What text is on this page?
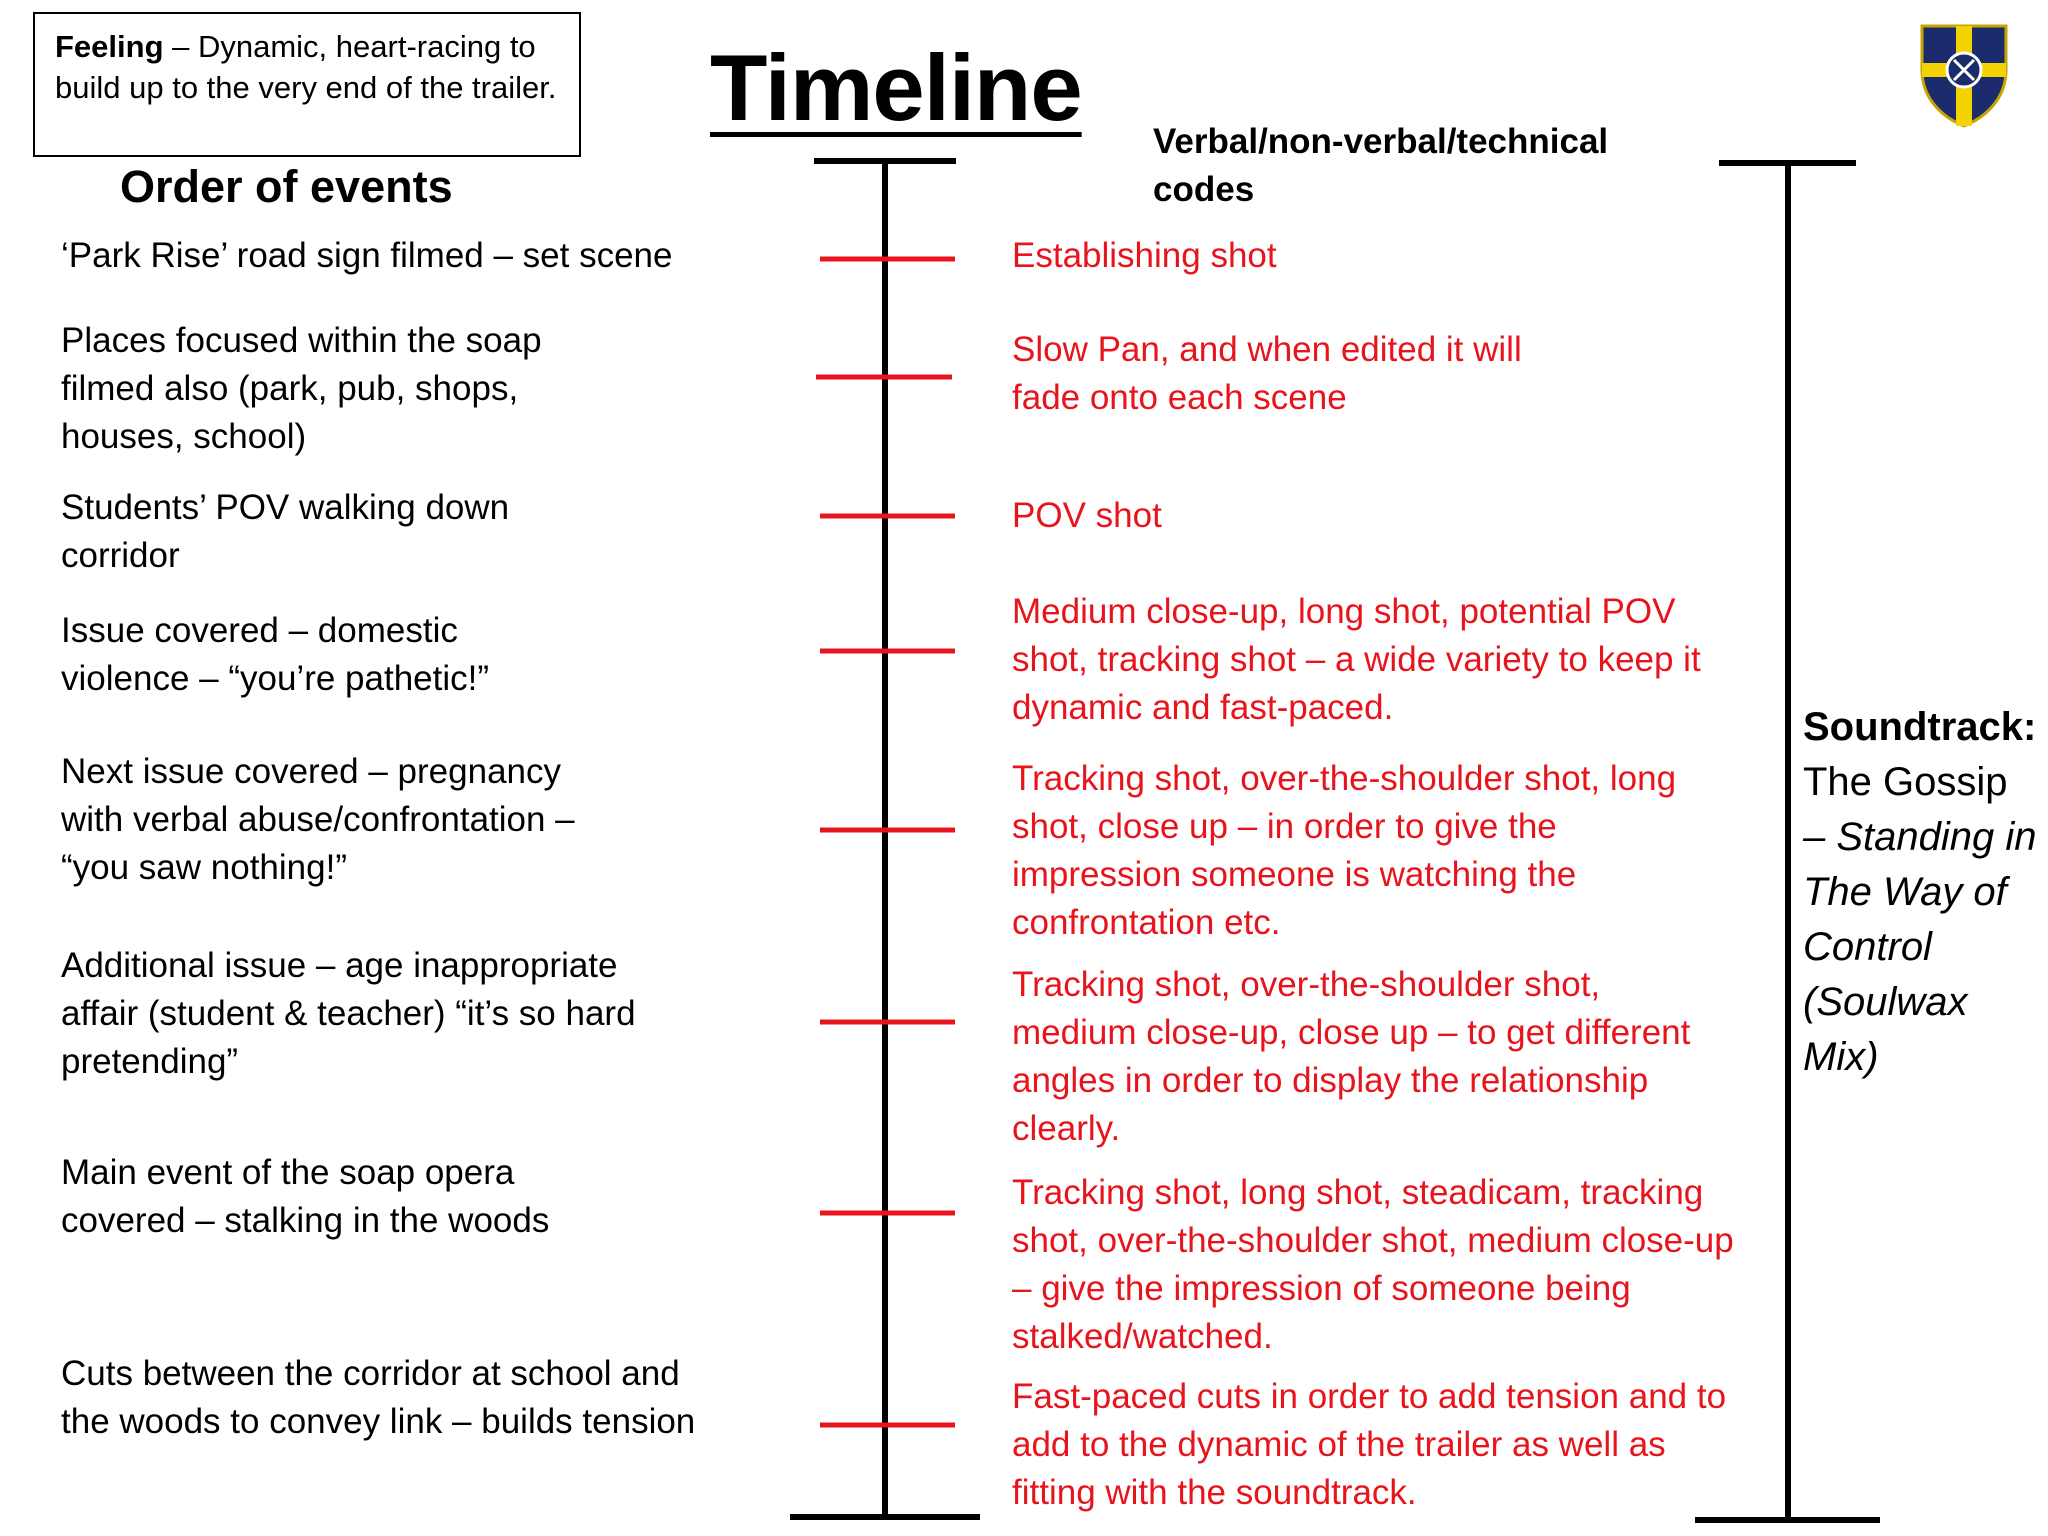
Feeling – Dynamic, heart-racing to build up to the very end of the trailer. Timeline
Order of events
Verbal/non-verbal/technical codes
‘Park Rise’ road sign filmed – set scene
Places focused within the soap filmed also (park, pub, shops, houses, school)
Students’ POV walking down corridor
Issue covered – domestic violence – “you’re pathetic!”
Next issue covered – pregnancy with verbal abuse/confrontation – “you saw nothing!”
Additional issue – age inappropriate affair (student & teacher) “it’s so hard pretending”
Main event of the soap opera covered – stalking in the woods
Cuts between the corridor at school and the woods to convey link – builds tension
Establishing shot
Slow Pan, and when edited it will fade onto each scene
POV shot
Medium close-up, long shot, potential POV shot, tracking shot – a wide variety to keep it dynamic and fast-paced.
Tracking shot, over-the-shoulder shot, long shot, close up – in order to give the impression someone is watching the confrontation etc.
Tracking shot, over-the-shoulder shot, medium close-up, close up – to get different angles in order to display the relationship clearly.
Tracking shot, long shot, steadicam, tracking shot, over-the-shoulder shot, medium close-up – give the impression of someone being stalked/watched.
Fast-paced cuts in order to add tension and to add to the dynamic of the trailer as well as fitting with the soundtrack.
Soundtrack:
The Gossip
– Standing in The Way of Control (Soulwax Mix)
